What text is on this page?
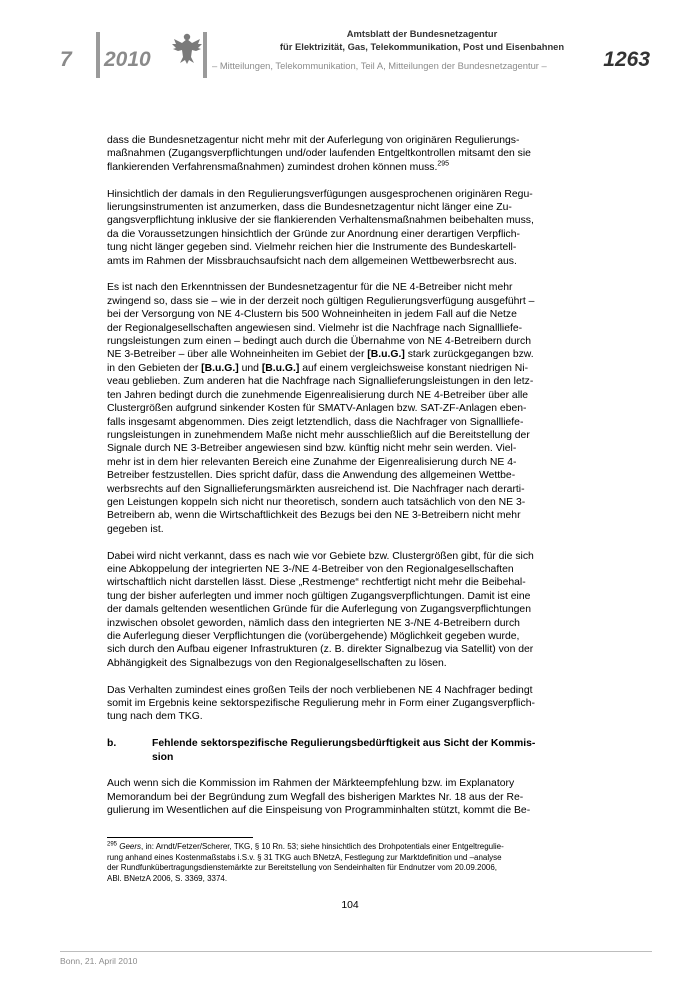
7 2010
Amtsblatt der Bundesnetzagentur
für Elektrizität, Gas, Telekommunikation, Post und Eisenbahnen
– Mitteilungen, Telekommunikation, Teil A, Mitteilungen der Bundesnetzagentur –	1263

dass die Bundesnetzagentur nicht mehr mit der Auferlegung von originären Regulierungs-
maßnahmen (Zugangsverpflichtungen und/oder laufenden Entgeltkontrollen mitsamt den sie
flankierenden Verfahrensmaßnahmen) zumindest drohen können muss.$^{295}$

Hinsichtlich der damals in den Regulierungsverfügungen ausgesprochenen originären Regu-
lierungsinstrumenten ist anzumerken, dass die Bundesnetzagentur nicht länger eine Zu-
gangsverpflichtung inklusive der sie flankierenden Verhaltensmaßnahmen beibehalten muss,
da die Voraussetzungen hinsichtlich der Gründe zur Anordnung einer derartigen Verpflich-
tung nicht länger gegeben sind. Vielmehr reichen hier die Instrumente des Bundeskartell-
amts im Rahmen der Missbrauchsaufsicht nach dem allgemeinen Wettbewerbsrecht aus.

Es ist nach den Erkenntnissen der Bundesnetzagentur für die NE 4-Betreiber nicht mehr
zwingend so, dass sie – wie in der derzeit noch gültigen Regulierungsverfügung ausgeführt –
bei der Versorgung von NE 4-Clustern bis 500 Wohneinheiten in jedem Fall auf die Netze
der Regionalgesellschaften angewiesen sind. Vielmehr ist die Nachfrage nach Signallliefe-
rungsleistungen zum einen – bedingt auch durch die Übernahme von NE 4-Betreibern durch
NE 3-Betreiber – über alle Wohneinheiten im Gebiet der [B.u.G.] stark zurückgegangen bzw.
in den Gebieten der [B.u.G.] und [B.u.G.] auf einem vergleichsweise konstant niedrigen Ni-
veau geblieben. Zum anderen hat die Nachfrage nach Signallieferungsleistungen in den letz-
ten Jahren bedingt durch die zunehmende Eigenrealisierung durch NE 4-Betreiber über alle
Clustergrößen aufgrund sinkender Kosten für SMATV-Anlagen bzw. SAT-ZF-Anlagen eben-
falls insgesamt abgenommen. Dies zeigt letztendlich, dass die Nachfrager von Signallliefe-
rungsleistungen in zunehmendem Maße nicht mehr ausschließlich auf die Bereitstellung der
Signale durch NE 3-Betreiber angewiesen sind bzw. künftig nicht mehr sein werden. Viel-
mehr ist in dem hier relevanten Bereich eine Zunahme der Eigenrealisierung durch NE 4-
Betreiber festzustellen. Dies spricht dafür, dass die Anwendung des allgemeinen Wettbe-
werbsrechts auf den Signallieferungsmärkten ausreichend ist. Die Nachfrager nach derarti-
gen Leistungen koppeln sich nicht nur theoretisch, sondern auch tatsächlich von den NE 3-
Betreibern ab, wenn die Wirtschaftlichkeit des Bezugs bei den NE 3-Betreibern nicht mehr
gegeben ist.

Dabei wird nicht verkannt, dass es nach wie vor Gebiete bzw. Clustergrößen gibt, für die sich
eine Abkoppelung der integrierten NE 3-/NE 4-Betreiber von den Regionalgesellschaften
wirtschaftlich nicht darstellen lässt. Diese „Restmenge“ rechtfertigt nicht mehr die Beibehal-
tung der bisher auferlegten und immer noch gültigen Zugangsverpflichtungen. Damit ist eine
der damals geltenden wesentlichen Gründe für die Auferlegung von Zugangsverpflichtungen
inzwischen obsolet geworden, nämlich dass den integrierten NE 3-/NE 4-Betreibern durch
die Auferlegung dieser Verpflichtungen die (vorübergehende) Möglichkeit gegeben wurde,
sich durch den Aufbau eigener Infrastrukturen (z. B. direkter Signalbezug via Satellit) von der
Abhängigkeit des Signalbezugs von den Regionalgesellschaften zu lösen.

Das Verhalten zumindest eines großen Teils der noch verbliebenen NE 4 Nachfrager bedingt
somit im Ergebnis keine sektorspezifische Regulierung mehr in Form einer Zugangsverpflich-
tung nach dem TKG.

b.	Fehlende sektorspezifische Regulierungsbedürftigkeit aus Sicht der Kommis-
sion

Auch wenn sich die Kommission im Rahmen der Märkteempfehlung bzw. im Explanatory
Memorandum bei der Begründung zum Wegfall des bisherigen Marktes Nr. 18 aus der Re-
gulierung im Wesentlichen auf die Einspeisung von Programminhalten stützt, kommt die Be-

$^{295}$ Geers, in: Arndt/Fetzer/Scherer, TKG, § 10 Rn. 53; siehe hinsichtlich des Drohpotentials einer Entgeltregulie-
rung anhand eines Kostenmaßstabs i.S.v. § 31 TKG auch BNetzA, Festlegung zur Marktdefinition und –analyse
der Rundfunkübertragungsdienstemärkte zur Bereitstellung von Sendeinhalten für Endnutzer vom 20.09.2006,
ABl. BNetzA 2006, S. 3369, 3374.
104
Bonn, 21. April 2010
